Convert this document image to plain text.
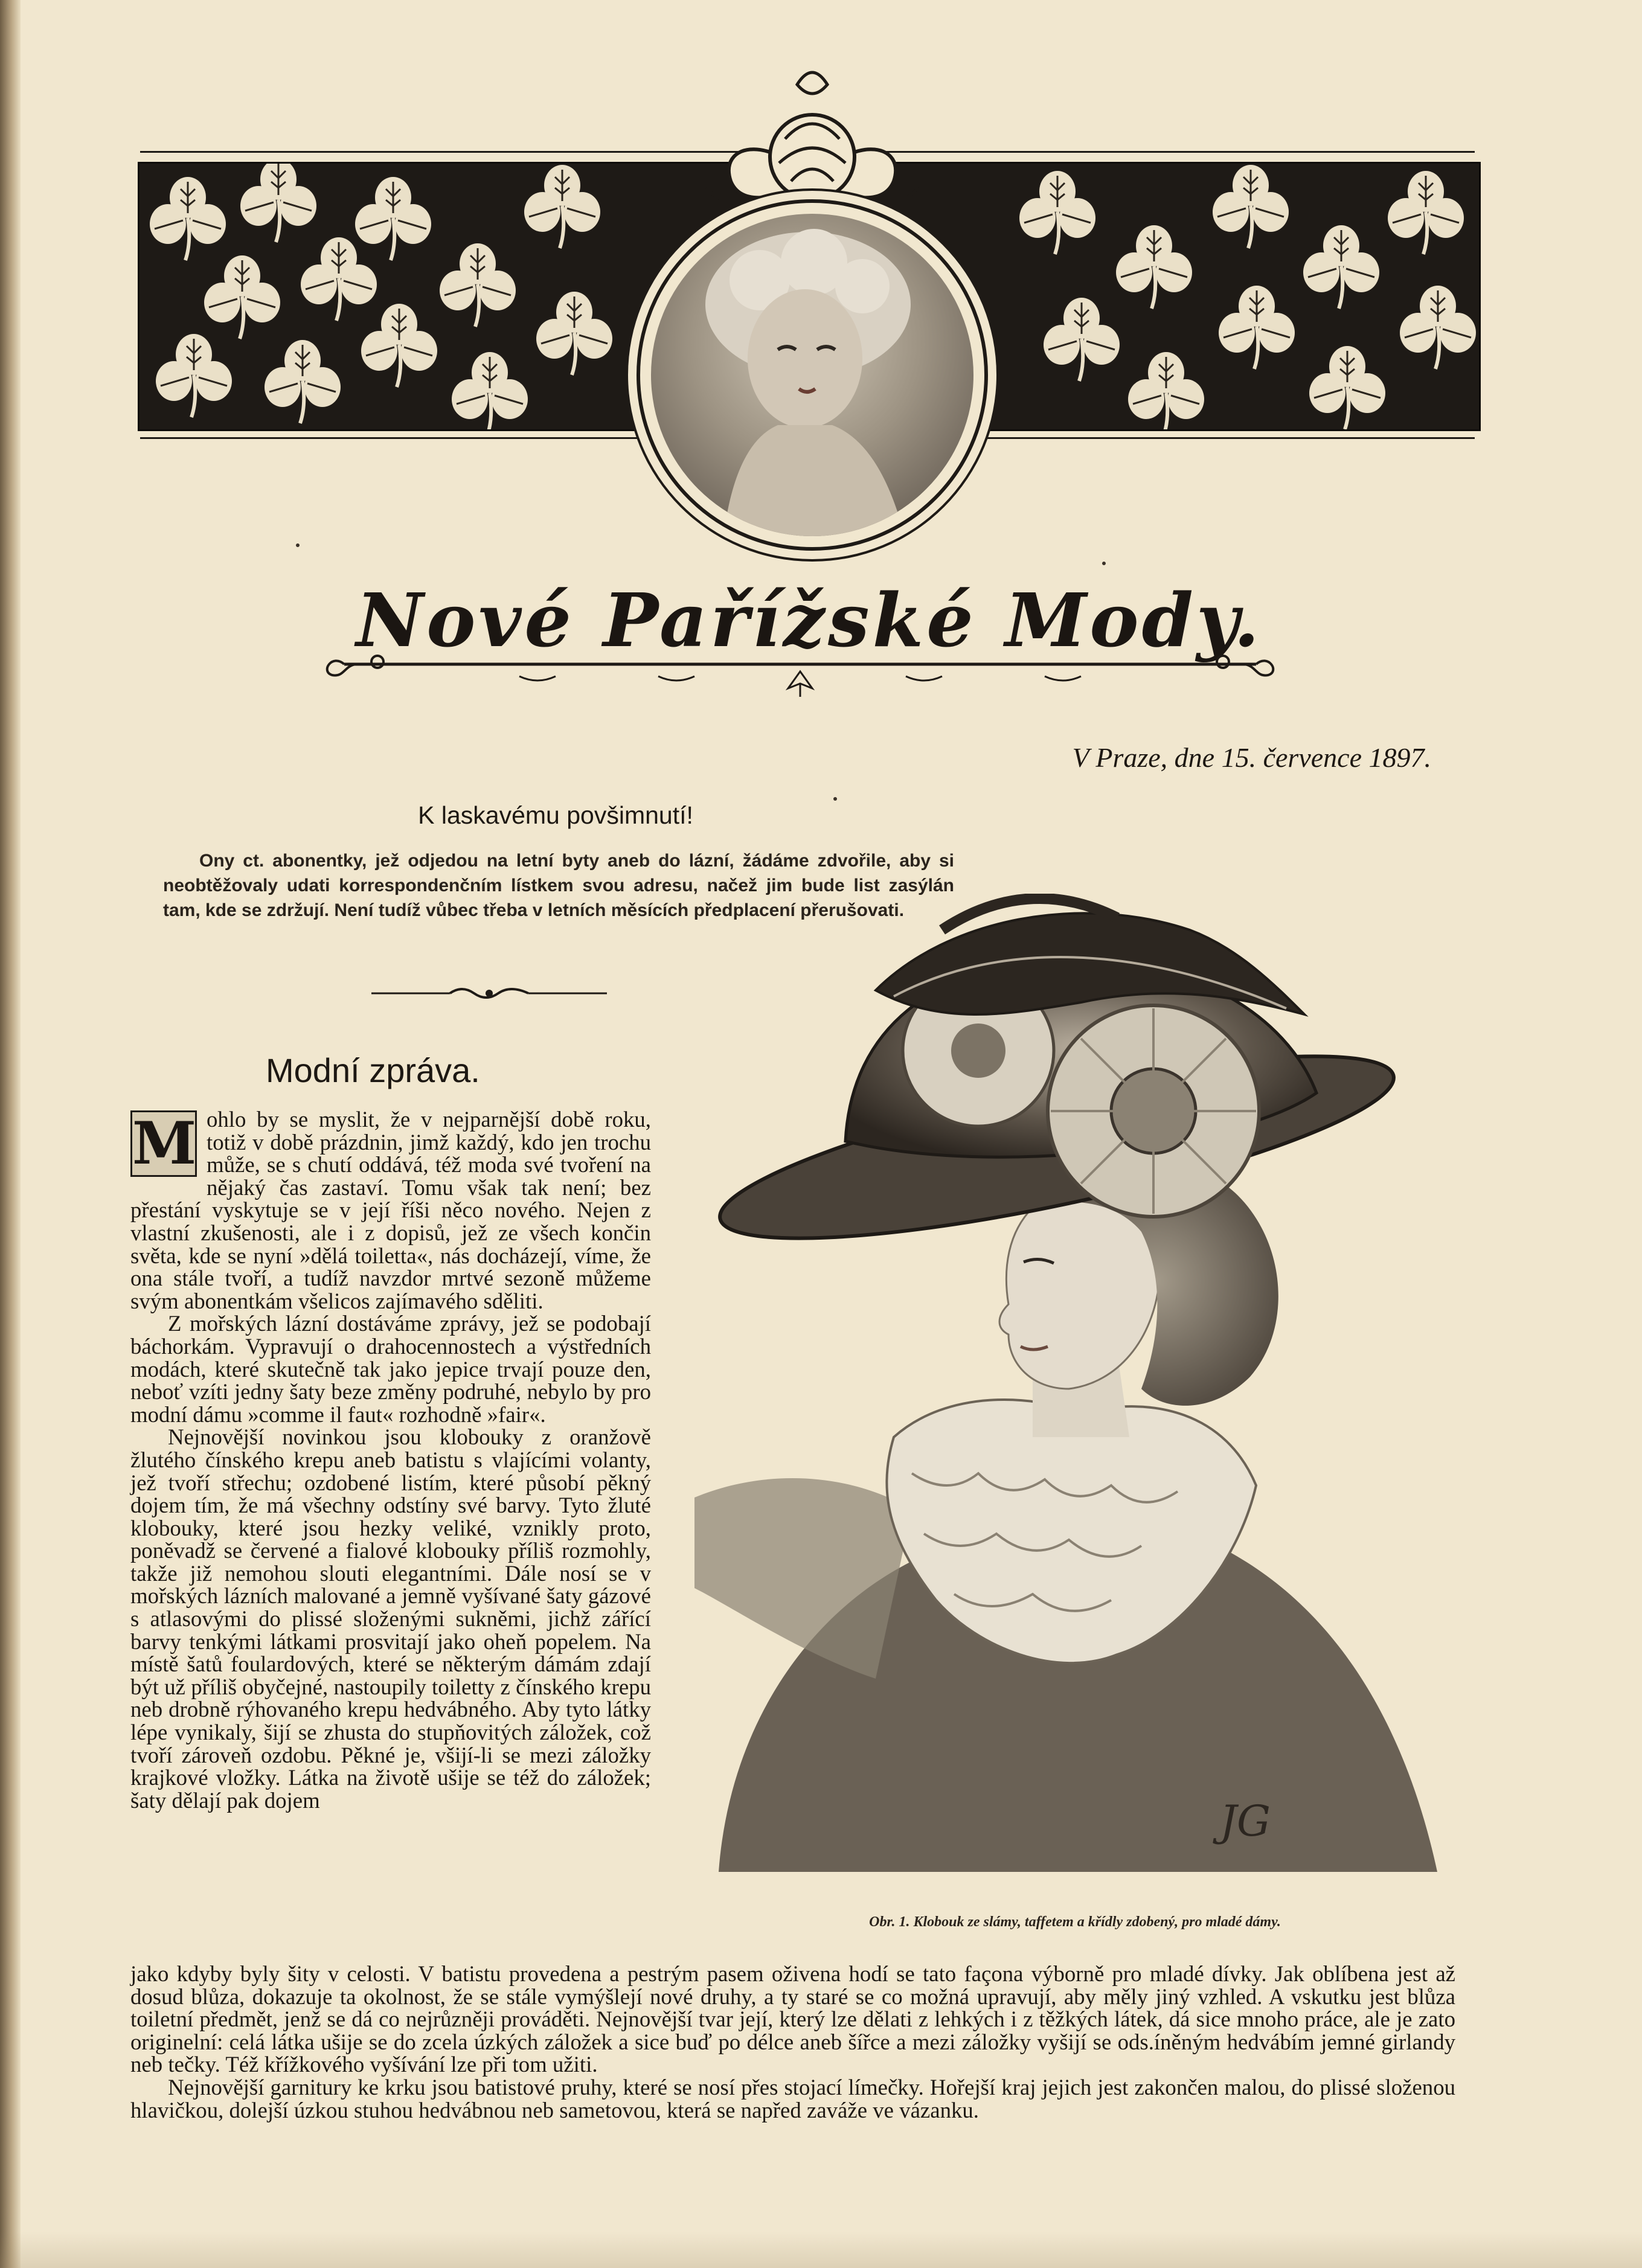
Nové Pařížské Mody.

V Praze, dne 15. července 1897.

K laskavému povšimnutí!

Ony ct. abonentky, jež odjedou na letní byty aneb do lázní, žádáme zdvořile, aby si neobtěžovaly udati korrespondenčním lístkem svou adresu, načež jim bude list zasýlán tam, kde se zdržují. Není tudíž vůbec třeba v letních měsících předplacení přerušovati.

Modní zpráva.

M ohlo by se myslit, že v nejparnější době roku, totiž v době prázdnin, jimž každý, kdo jen trochu může, se s chutí oddává, též moda své tvoření na nějaký čas zastaví. Tomu však tak není; bez přestání vyskytuje se v její říši něco nového. Nejen z vlastní zkušenosti, ale i z dopisů, jež ze všech končin světa, kde se nyní »dělá toiletta«, nás docházejí, víme, že ona stále tvoří, a tudíž navzdor mrtvé sezoně můžeme svým abonentkám všelicos zajímavého sděliti.

Z mořských lázní dostáváme zprávy, jež se podobají báchorkám. Vypravují o drahocennostech a výstředních modách, které skutečně tak jako jepice trvají pouze den, neboť vzíti jedny šaty beze změny podruhé, nebylo by pro modní dámu »comme il faut« rozhodně »fair«.

Nejnovější novinkou jsou klobouky z oranžově žlutého čínského krepu aneb batistu s vlajícími volanty, jež tvoří střechu; ozdobené listím, které působí pěkný dojem tím, že má všechny odstíny své barvy. Tyto žluté klobouky, které jsou hezky veliké, vznikly proto, poněvadž se červené a fialové klobouky příliš rozmohly, takže již nemohou slouti elegantními. Dále nosí se v mořských lázních malované a jemně vyšívané šaty gázové s atlasovými do plissé složenými sukněmi, jichž zářící barvy tenkými látkami prosvitají jako oheň popelem. Na místě šatů foulardových, které se některým dámám zdají být už příliš obyčejné, nastoupily toiletty z čínského krepu neb drobně rýhovaného krepu hedvábného. Aby tyto látky lépe vynikaly, šijí se zhusta do stupňovitých záložek, což tvoří zároveň ozdobu. Pěkné je, všijí-li se mezi záložky krajkové vložky. Látka na životě ušije se též do záložek; šaty dělají pak dojem	JG

Obr. 1. Klobouk ze slámy, taffetem a křídly zdobený, pro mladé dámy.

jako kdyby byly šity v celosti. V batistu provedena a pestrým pasem oživena hodí se tato façona výborně pro mladé dívky. Jak oblíbena jest až dosud blůza, dokazuje ta okolnost, že se stále vymýšlejí nové druhy, a ty staré se co možná upravují, aby měly jiný vzhled. A vskutku jest blůza toiletní předmět, jenž se dá co nejrůzněji prováděti. Nejnovější tvar její, který lze dělati z lehkých i z těžkých látek, dá sice mnoho práce, ale je zato originelní: celá látka ušije se do zcela úzkých záložek a sice buď po délce aneb šířce a mezi záložky vyšijí se ods.íněným hedvábím jemné girlandy neb tečky. Též křížkového vyšívání lze při tom užiti.

Nejnovější garnitury ke krku jsou batistové pruhy, které se nosí přes stojací límečky. Hořejší kraj jejich jest zakončen malou, do plissé složenou hlavičkou, dolejší úzkou stuhou hedvábnou neb sametovou, která se napřed zaváže ve vázanku.
